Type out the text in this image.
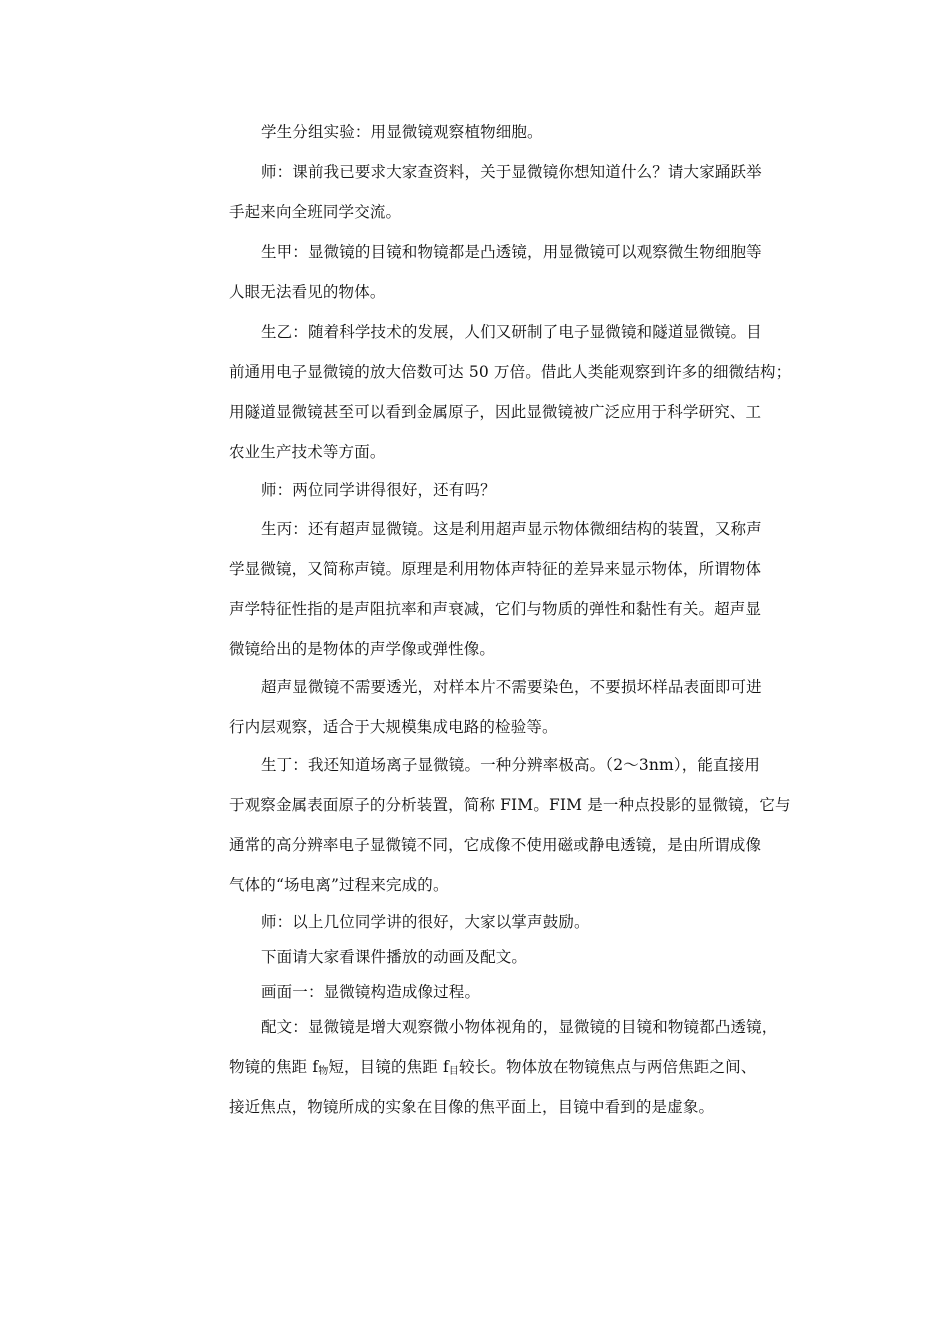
学生分组实验：用显微镜观察植物细胞。
师：课前我已要求大家查资料，关于显微镜你想知道什么？请大家踊跃举
手起来向全班同学交流。
生甲：显微镜的目镜和物镜都是凸透镜，用显微镜可以观察微生物细胞等
人眼无法看见的物体。
生乙：随着科学技术的发展，人们又研制了电子显微镜和隧道显微镜。目
前通用电子显微镜的放大倍数可达 50 万倍。借此人类能观察到许多的细微结构；
用隧道显微镜甚至可以看到金属原子，因此显微镜被广泛应用于科学研究、工
农业生产技术等方面。
师：两位同学讲得很好，还有吗？
生丙：还有超声显微镜。这是利用超声显示物体微细结构的装置，又称声
学显微镜，又简称声镜。原理是利用物体声特征的差异来显示物体，所谓物体
声学特征性指的是声阻抗率和声衰减，它们与物质的弹性和黏性有关。超声显
微镜给出的是物体的声学像或弹性像。
超声显微镜不需要透光，对样本片不需要染色，不要损坏样品表面即可进
行内层观察，适合于大规模集成电路的检验等。
生丁：我还知道场离子显微镜。一种分辨率极高。（2～3nm），能直接用
于观察金属表面原子的分析装置，简称 FIM。FIM 是一种点投影的显微镜，它与
通常的高分辨率电子显微镜不同，它成像不使用磁或静电透镜，是由所谓成像
气体的“场电离”过程来完成的。
师：以上几位同学讲的很好，大家以掌声鼓励。
下面请大家看课件播放的动画及配文。
画面一：显微镜构造成像过程。
配文：显微镜是增大观察微小物体视角的，显微镜的目镜和物镜都凸透镜，
物镜的焦距 $f_物$短，目镜的焦距 $f_目$较长。物体放在物镜焦点与两倍焦距之间、
接近焦点，物镜所成的实象在目像的焦平面上，目镜中看到的是虚象。
